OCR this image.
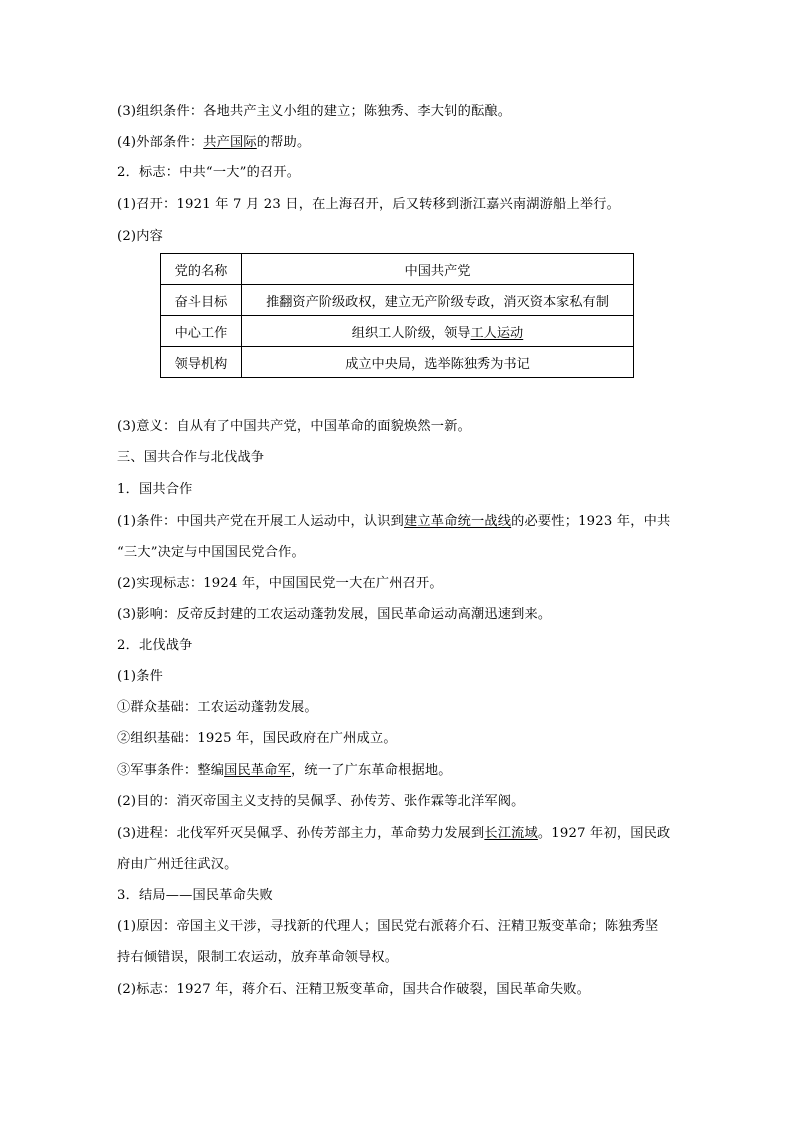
(3)组织条件：各地共产主义小组的建立；陈独秀、李大钊的酝酿。
(4)外部条件：共产国际的帮助。
2．标志：中共“一大”的召开。
(1)召开：1921 年 7 月 23 日，在上海召开，后又转移到浙江嘉兴南湖游船上举行。
(2)内容
党的名称	中国共产党
奋斗目标	推翻资产阶级政权，建立无产阶级专政，消灭资本家私有制
中心工作	组织工人阶级，领导工人运动
领导机构	成立中央局，选举陈独秀为书记
(3)意义：自从有了中国共产党，中国革命的面貌焕然一新。
三、国共合作与北伐战争
1．国共合作
(1)条件：中国共产党在开展工人运动中，认识到建立革命统一战线的必要性；1923 年，中共
“三大”决定与中国国民党合作。
(2)实现标志：1924 年，中国国民党一大在广州召开。
(3)影响：反帝反封建的工农运动蓬勃发展，国民革命运动高潮迅速到来。
2．北伐战争
(1)条件
①群众基础：工农运动蓬勃发展。
②组织基础：1925 年，国民政府在广州成立。
③军事条件：整编国民革命军，统一了广东革命根据地。
(2)目的：消灭帝国主义支持的吴佩孚、孙传芳、张作霖等北洋军阀。
(3)进程：北伐军歼灭吴佩孚、孙传芳部主力，革命势力发展到长江流域。1927 年初，国民政
府由广州迁往武汉。
3．结局——国民革命失败
(1)原因：帝国主义干涉，寻找新的代理人；国民党右派蒋介石、汪精卫叛变革命；陈独秀坚
持右倾错误，限制工农运动，放弃革命领导权。
(2)标志：1927 年，蒋介石、汪精卫叛变革命，国共合作破裂，国民革命失败。
